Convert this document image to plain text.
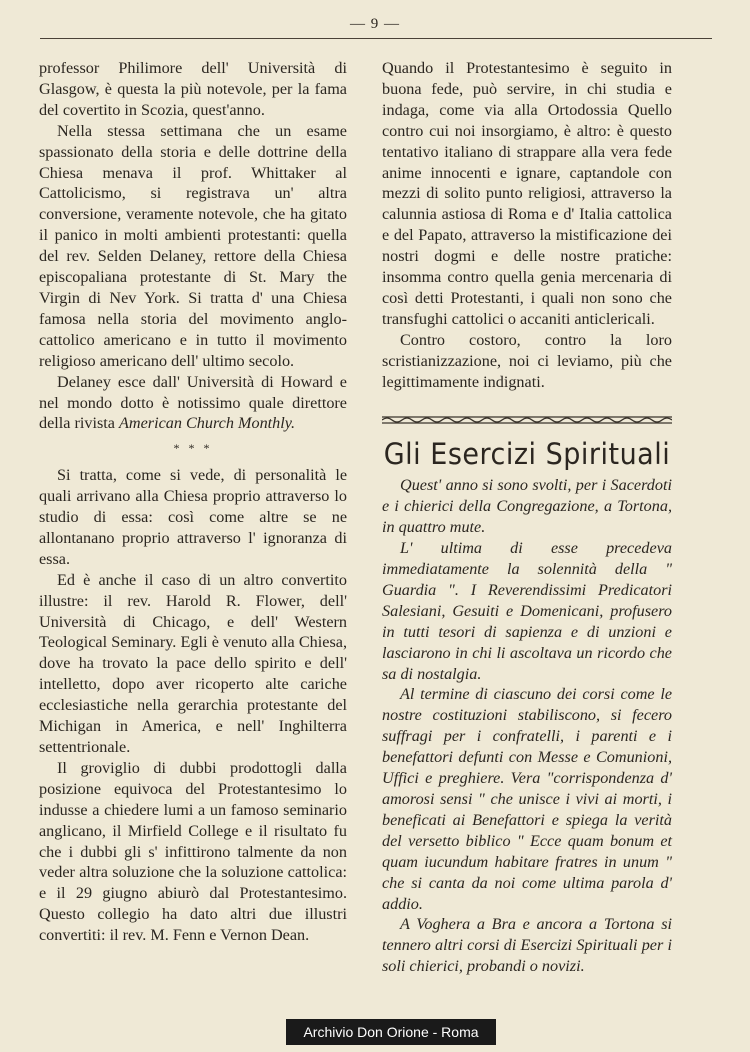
— 9 —

professor Philimore dell' Università di Glasgow, è questa la più notevole, per la fama del covertito in Scozia, quest'anno.

Nella stessa settimana che un esame spassionato della storia e delle dottrine della Chiesa menava il prof. Whittaker al Cattolicismo, si registrava un' altra conversione, veramente notevole, che ha gitato il panico in molti ambienti protestanti: quella del rev. Selden Delaney, rettore della Chiesa episcopaliana protestante di St. Mary the Virgin di Nev York. Si tratta d' una Chiesa famosa nella storia del movimento anglo-cattolico americano e in tutto il movimento religioso americano dell' ultimo secolo.

Delaney esce dall' Università di Howard e nel mondo dotto è notissimo quale direttore della rivista American Church Monthly.

* * *

Si tratta, come si vede, di personalità le quali arrivano alla Chiesa proprio attraverso lo studio di essa: così come altre se ne allontanano proprio attraverso l' ignoranza di essa.

Ed è anche il caso di un altro convertito illustre: il rev. Harold R. Flower, dell' Università di Chicago, e dell' Western Teological Seminary. Egli è venuto alla Chiesa, dove ha trovato la pace dello spirito e dell' intelletto, dopo aver ricoperto alte cariche ecclesiastiche nella gerarchia protestante del Michigan in America, e nell' Inghilterra settentrionale.

Il groviglio di dubbi prodottogli dalla posizione equivoca del Protestantesimo lo indusse a chiedere lumi a un famoso seminario anglicano, il Mirfield College e il risultato fu che i dubbi gli s' infittirono talmente da non veder altra soluzione che la soluzione cattolica: e il 29 giugno abiurò dal Protestantesimo. Questo collegio ha dato altri due illustri convertiti: il rev. M. Fenn e Vernon Dean.

Quando il Protestantesimo è seguito in buona fede, può servire, in chi studia e indaga, come via alla Ortodossia Quello contro cui noi insorgiamo, è altro: è questo tentativo italiano di strappare alla vera fede anime innocenti e ignare, captandole con mezzi di solito punto religiosi, attraverso la calunnia astiosa di Roma e d' Italia cattolica e del Papato, attraverso la mistificazione dei nostri dogmi e delle nostre pratiche: insomma contro quella genia mercenaria di così detti Protestanti, i quali non sono che transfughi cattolici o accaniti anticlericali.

Contro costoro, contro la loro scristianizzazione, noi ci leviamo, più che legittimamente indignati.

Gli Esercizi Spirituali

Quest' anno si sono svolti, per i Sacerdoti e i chierici della Congregazione, a Tortona, in quattro mute.

L' ultima di esse precedeva immediatamente la solennità della " Guardia ". I Reverendissimi Predicatori Salesiani, Gesuiti e Domenicani, profusero in tutti tesori di sapienza e di unzioni e lasciarono in chi li ascoltava un ricordo che sa di nostalgia.

Al termine di ciascuno dei corsi come le nostre costituzioni stabiliscono, si fecero suffragi per i confratelli, i parenti e i benefattori defunti con Messe e Comunioni, Uffici e preghiere. Vera "corrispondenza d' amorosi sensi " che unisce i vivi ai morti, i beneficati ai Benefattori e spiega la verità del versetto biblico " Ecce quam bonum et quam iucundum habitare fratres in unum " che si canta da noi come ultima parola d' addio.

A Voghera a Bra e ancora a Tortona si tennero altri corsi di Esercizi Spirituali per i soli chierici, probandi o novizi.

Archivio Don Orione - Roma
